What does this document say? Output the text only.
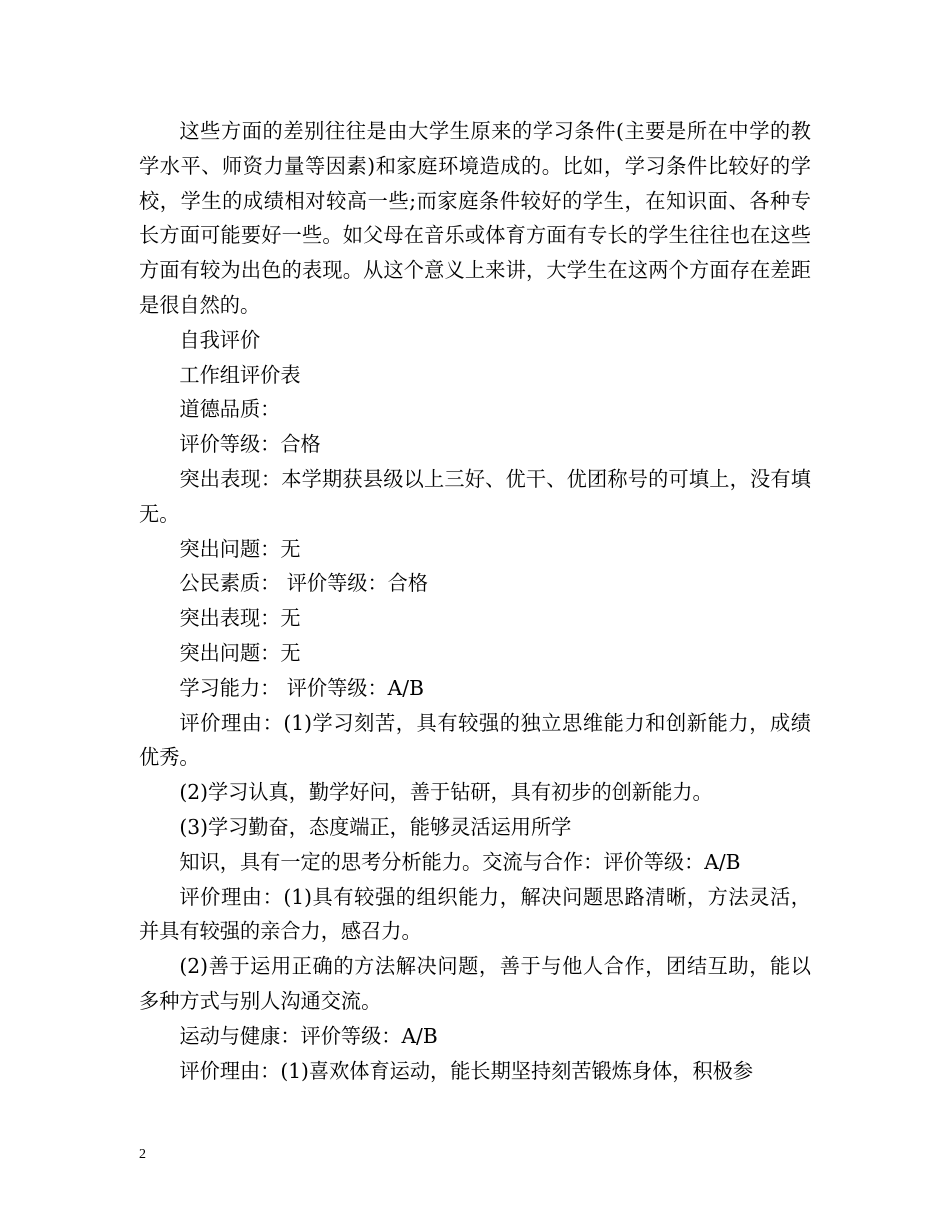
这些方面的差别往往是由大学生原来的学习条件(主要是所在中学的教学水平、师资力量等因素)和家庭环境造成的。比如，学习条件比较好的学校，学生的成绩相对较高一些;而家庭条件较好的学生，在知识面、各种专长方面可能要好一些。如父母在音乐或体育方面有专长的学生往往也在这些方面有较为出色的表现。从这个意义上来讲，大学生在这两个方面存在差距是很自然的。

自我评价

工作组评价表

道德品质：

评价等级：合格

突出表现：本学期获县级以上三好、优干、优团称号的可填上，没有填无。

突出问题：无

公民素质： 评价等级：合格

突出表现：无

突出问题：无

学习能力： 评价等级：A/B

评价理由：(1)学习刻苦，具有较强的独立思维能力和创新能力，成绩优秀。

(2)学习认真，勤学好问，善于钻研，具有初步的创新能力。

(3)学习勤奋，态度端正，能够灵活运用所学

知识，具有一定的思考分析能力。交流与合作：评价等级：A/B

评价理由：(1)具有较强的组织能力，解决问题思路清晰，方法灵活，并具有较强的亲合力，感召力。

(2)善于运用正确的方法解决问题，善于与他人合作，团结互助，能以多种方式与别人沟通交流。

运动与健康：评价等级：A/B

评价理由：(1)喜欢体育运动，能长期坚持刻苦锻炼身体，积极参

2
